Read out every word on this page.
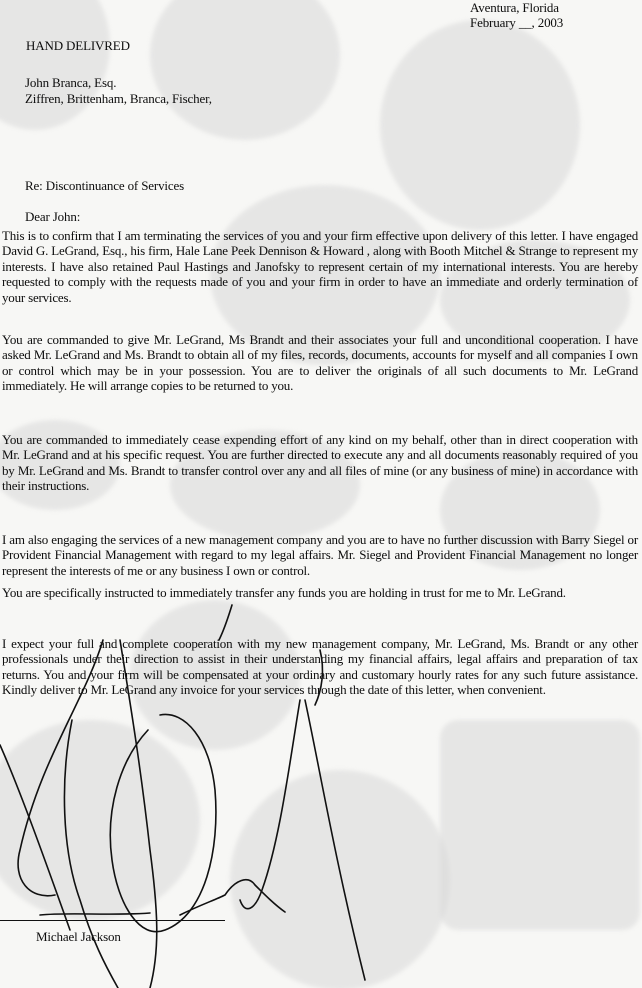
Aventura, Florida
February __, 2003
HAND DELIVRED
John Branca, Esq.
Ziffren, Brittenham, Branca, Fischer,
Re: Discontinuance of Services
Dear John:

This is to confirm that I am terminating the services of you and your firm effective upon delivery of this letter. I have engaged David G. LeGrand, Esq., his firm, Hale Lane Peek Dennison & Howard , along with Booth Mitchel & Strange to represent my interests. I have also retained Paul Hastings and Janofsky to represent certain of my international interests. You are hereby requested to comply with the requests made of you and your firm in order to have an immediate and orderly termination of your services.

You are commanded to give Mr. LeGrand, Ms Brandt and their associates your full and unconditional cooperation. I have asked Mr. LeGrand and Ms. Brandt to obtain all of my files, records, documents, accounts for myself and all companies I own or control which may be in your possession. You are to deliver the originals of all such documents to Mr. LeGrand immediately. He will arrange copies to be returned to you.

You are commanded to immediately cease expending effort of any kind on my behalf, other than in direct cooperation with Mr. LeGrand and at his specific request. You are further directed to execute any and all documents reasonably required of you by Mr. LeGrand and Ms. Brandt to transfer control over any and all files of mine (or any business of mine) in accordance with their instructions.

I am also engaging the services of a new management company and you are to have no further discussion with Barry Siegel or Provident Financial Management with regard to my legal affairs. Mr. Siegel and Provident Financial Management no longer represent the interests of me or any business I own or control.

You are specifically instructed to immediately transfer any funds you are holding in trust for me to Mr. LeGrand.

I expect your full and complete cooperation with my new management company, Mr. LeGrand, Ms. Brandt or any other professionals under their direction to assist in their understanding my financial affairs, legal affairs and preparation of tax returns. You and your firm will be compensated at your ordinary and customary hourly rates for any such future assistance. Kindly deliver to Mr. LeGrand any invoice for your services through the date of this letter, when convenient.

Michael Jackson
